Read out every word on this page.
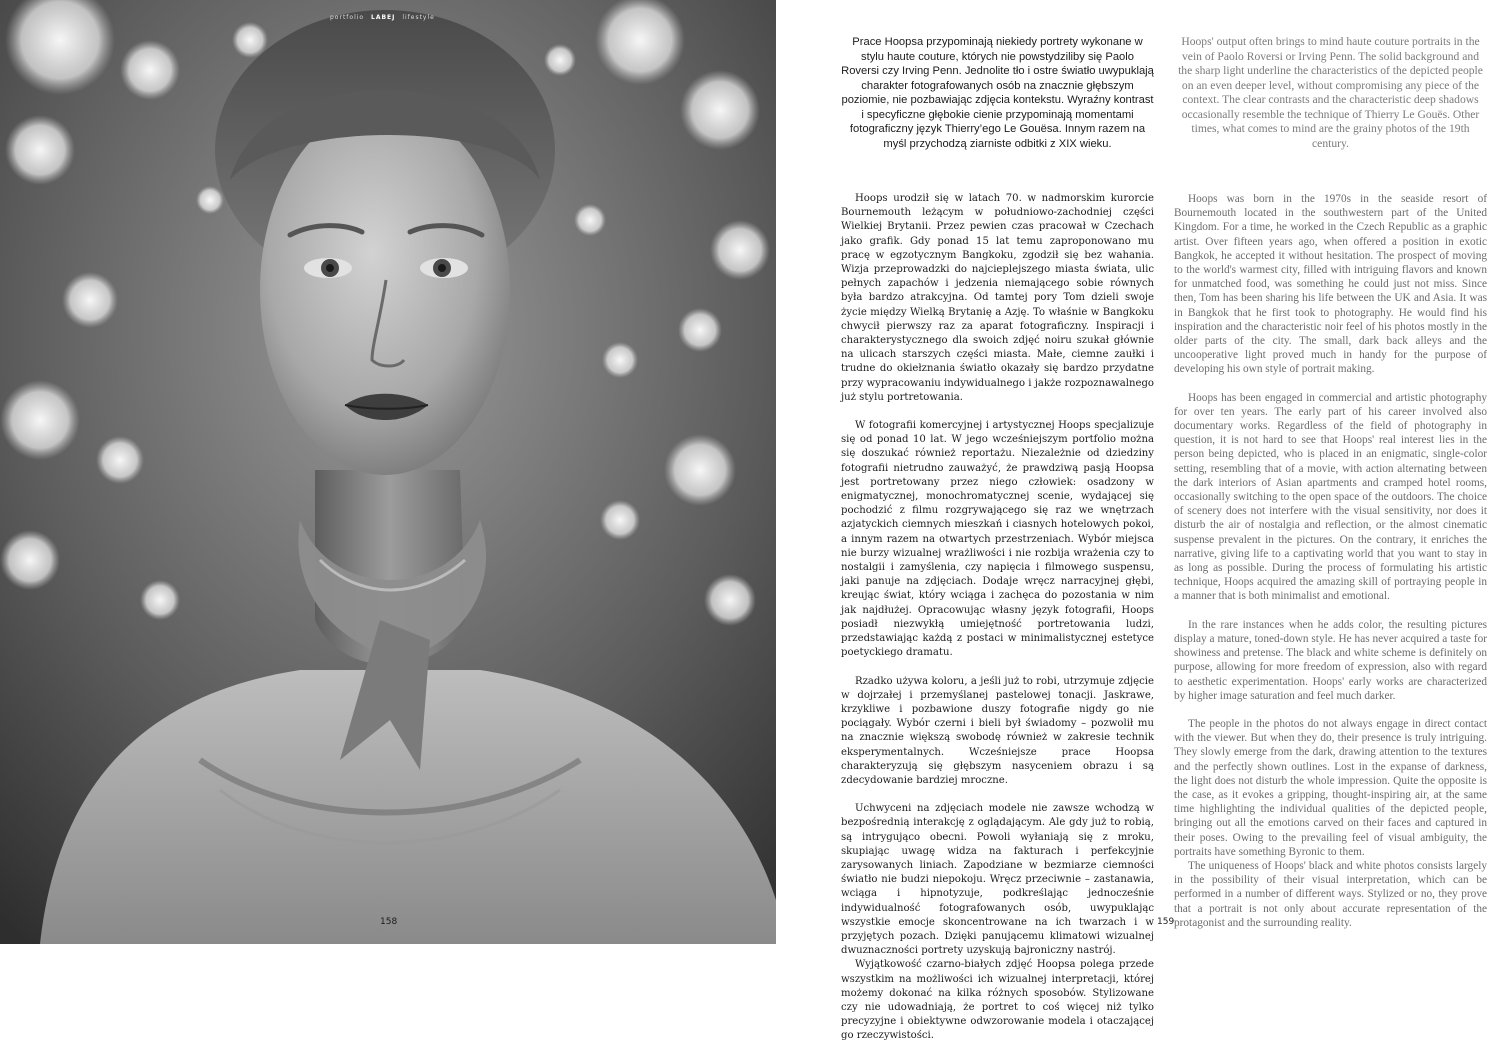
portfolio LABEJ lifestyle
158
Prace Hoopsa przypominają niekiedy portrety wykonane w stylu haute couture, których nie powstydziliby się Paolo Roversi czy Irving Penn. Jednolite tło i ostre światło uwypuklają charakter fotografowanych osób na znacznie głębszym poziomie, nie pozbawiając zdjęcia kontekstu. Wyraźny kontrast i specyficzne głębokie cienie przypominają momentami fotograficzny język Thierry’ego Le Gouësa. Innym razem na myśl przychodzą ziarniste odbitki z XIX wieku.
Hoops' output often brings to mind haute couture portraits in the vein of Paolo Roversi or Irving Penn. The solid background and the sharp light underline the characteristics of the depicted people on an even deeper level, without compromising any piece of the context. The clear contrasts and the characteristic deep shadows occasionally resemble the technique of Thierry Le Gouës. Other times, what comes to mind are the grainy photos of the 19th century.

Hoops urodził się w latach 70. w nadmorskim kurorcie Bournemouth leżącym w południowo-zachodniej części Wielkiej Brytanii. Przez pewien czas pracował w Czechach jako grafik. Gdy ponad 15 lat temu zaproponowano mu pracę w egzotycznym Bangkoku, zgodził się bez wahania. Wizja przeprowadzki do najcieplejszego miasta świata, ulic pełnych zapachów i jedzenia niemającego sobie równych była bardzo atrakcyjna. Od tamtej pory Tom dzieli swoje życie między Wielką Brytanię a Azję. To właśnie w Bangkoku chwycił pierwszy raz za aparat fotograficzny. Inspiracji i charakterystycznego dla swoich zdjęć noiru szukał głównie na ulicach starszych części miasta. Małe, ciemne zaułki i trudne do okiełznania światło okazały się bardzo przydatne przy wypracowaniu indywidualnego i jakże rozpoznawalnego już stylu portretowania.

W fotografii komercyjnej i artystycznej Hoops specjalizuje się od ponad 10 lat. W jego wcześniejszym portfolio można się doszukać również reportażu. Niezależnie od dziedziny fotografii nietrudno zauważyć, że prawdziwą pasją Hoopsa jest portretowany przez niego człowiek: osadzony w enigmatycznej, monochromatycznej scenie, wydającej się pochodzić z filmu rozgrywającego się raz we wnętrzach azjatyckich ciemnych mieszkań i ciasnych hotelowych pokoi, a innym razem na otwartych przestrzeniach. Wybór miejsca nie burzy wizualnej wrażliwości i nie rozbija wrażenia czy to nostalgii i zamyślenia, czy napięcia i filmowego suspensu, jaki panuje na zdjęciach. Dodaje wręcz narracyjnej głębi, kreując świat, który wciąga i zachęca do pozostania w nim jak najdłużej. Opracowując własny język fotografii, Hoops posiadł niezwykłą umiejętność portretowania ludzi, przedstawiając każdą z postaci w minimalistycznej estetyce poetyckiego dramatu.

Rzadko używa koloru, a jeśli już to robi, utrzymuje zdjęcie w dojrzałej i przemyślanej pastelowej tonacji. Jaskrawe, krzykliwe i pozbawione duszy fotografie nigdy go nie pociągały. Wybór czerni i bieli był świadomy – pozwolił mu na znacznie większą swobodę również w zakresie technik eksperymentalnych. Wcześniejsze prace Hoopsa charakteryzują się głębszym nasyceniem obrazu i są zdecydowanie bardziej mroczne.

Uchwyceni na zdjęciach modele nie zawsze wchodzą w bezpośrednią interakcję z oglądającym. Ale gdy już to robią, są intrygująco obecni. Powoli wyłaniają się z mroku, skupiając uwagę widza na fakturach i perfekcyjnie zarysowanych liniach. Zapodziane w bezmiarze ciemności światło nie budzi niepokoju. Wręcz przeciwnie – zastanawia, wciąga i hipnotyzuje, podkreślając jednocześnie indywidualność fotografowanych osób, uwypuklając wszystkie emocje skoncentrowane na ich twarzach i w przyjętych pozach. Dzięki panującemu klimatowi wizualnej dwuznaczności portrety uzyskują bajroniczny nastrój.

Wyjątkowość czarno-białych zdjęć Hoopsa polega przede wszystkim na możliwości ich wizualnej interpretacji, której możemy dokonać na kilka różnych sposobów. Stylizowane czy nie udowadniają, że portret to coś więcej niż tylko precyzyjne i obiektywne odwzorowanie modela i otaczającej go rzeczywistości.

Hoops was born in the 1970s in the seaside resort of Bournemouth located in the southwestern part of the United Kingdom. For a time, he worked in the Czech Republic as a graphic artist. Over fifteen years ago, when offered a position in exotic Bangkok, he accepted it without hesitation. The prospect of moving to the world's warmest city, filled with intriguing flavors and known for unmatched food, was something he could just not miss. Since then, Tom has been sharing his life between the UK and Asia. It was in Bangkok that he first took to photography. He would find his inspiration and the characteristic noir feel of his photos mostly in the older parts of the city. The small, dark back alleys and the uncooperative light proved much in handy for the purpose of developing his own style of portrait making.

Hoops has been engaged in commercial and artistic photography for over ten years. The early part of his career involved also documentary works. Regardless of the field of photography in question, it is not hard to see that Hoops' real interest lies in the person being depicted, who is placed in an enigmatic, single-color setting, resembling that of a movie, with action alternating between the dark interiors of Asian apartments and cramped hotel rooms, occasionally switching to the open space of the outdoors. The choice of scenery does not interfere with the visual sensitivity, nor does it disturb the air of nostalgia and reflection, or the almost cinematic suspense prevalent in the pictures. On the contrary, it enriches the narrative, giving life to a captivating world that you want to stay in as long as possible. During the process of formulating his artistic technique, Hoops acquired the amazing skill of portraying people in a manner that is both minimalist and emotional.

In the rare instances when he adds color, the resulting pictures display a mature, toned-down style. He has never acquired a taste for showiness and pretense. The black and white scheme is definitely on purpose, allowing for more freedom of expression, also with regard to aesthetic experimentation. Hoops' early works are characterized by higher image saturation and feel much darker.

The people in the photos do not always engage in direct contact with the viewer. But when they do, their presence is truly intriguing. They slowly emerge from the dark, drawing attention to the textures and the perfectly shown outlines. Lost in the expanse of darkness, the light does not disturb the whole impression. Quite the opposite is the case, as it evokes a gripping, thought-inspiring air, at the same time highlighting the individual qualities of the depicted people, bringing out all the emotions carved on their faces and captured in their poses. Owing to the prevailing feel of visual ambiguity, the portraits have something Byronic to them.

The uniqueness of Hoops' black and white photos consists largely in the possibility of their visual interpretation, which can be performed in a number of different ways. Stylized or no, they prove that a portrait is not only about accurate representation of the protagonist and the surrounding reality.

159
